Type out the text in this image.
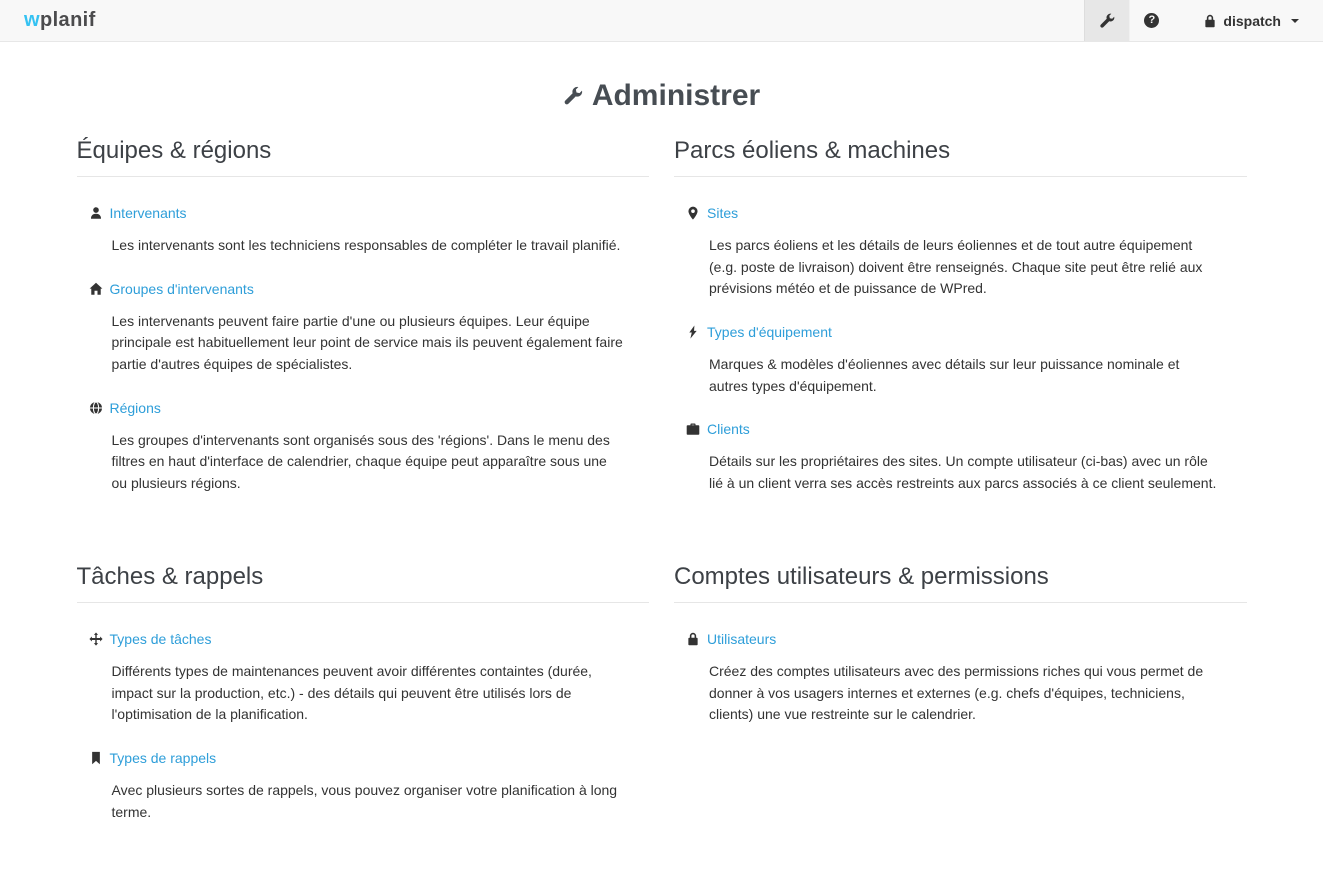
w planif ?	dispatch
Administrer
Équipes & régions
Intervenants

Les intervenants sont les techniciens responsables de compléter le travail planifié.

Groupes d'intervenants

Les intervenants peuvent faire partie d'une ou plusieurs équipes. Leur équipe principale est habituellement leur point de service mais ils peuvent également faire partie d'autres équipes de spécialistes.

Régions

Les groupes d'intervenants sont organisés sous des 'régions'. Dans le menu des filtres en haut d'interface de calendrier, chaque équipe peut apparaître sous une ou plusieurs régions.

Parcs éoliens & machines
Sites

Les parcs éoliens et les détails de leurs éoliennes et de tout autre équipement (e.g. poste de livraison) doivent être renseignés. Chaque site peut être relié aux prévisions météo et de puissance de WPred.

Types d'équipement

Marques & modèles d'éoliennes avec détails sur leur puissance nominale et autres types d'équipement.

Clients

Détails sur les propriétaires des sites. Un compte utilisateur (ci-bas) avec un rôle lié à un client verra ses accès restreints aux parcs associés à ce client seulement.

Tâches & rappels
Types de tâches

Différents types de maintenances peuvent avoir différentes containtes (durée, impact sur la production, etc.) - des détails qui peuvent être utilisés lors de l'optimisation de la planification.

Types de rappels

Avec plusieurs sortes de rappels, vous pouvez organiser votre planification à long terme.

Comptes utilisateurs & permissions
Utilisateurs

Créez des comptes utilisateurs avec des permissions riches qui vous permet de donner à vos usagers internes et externes (e.g. chefs d'équipes, techniciens, clients) une vue restreinte sur le calendrier.
